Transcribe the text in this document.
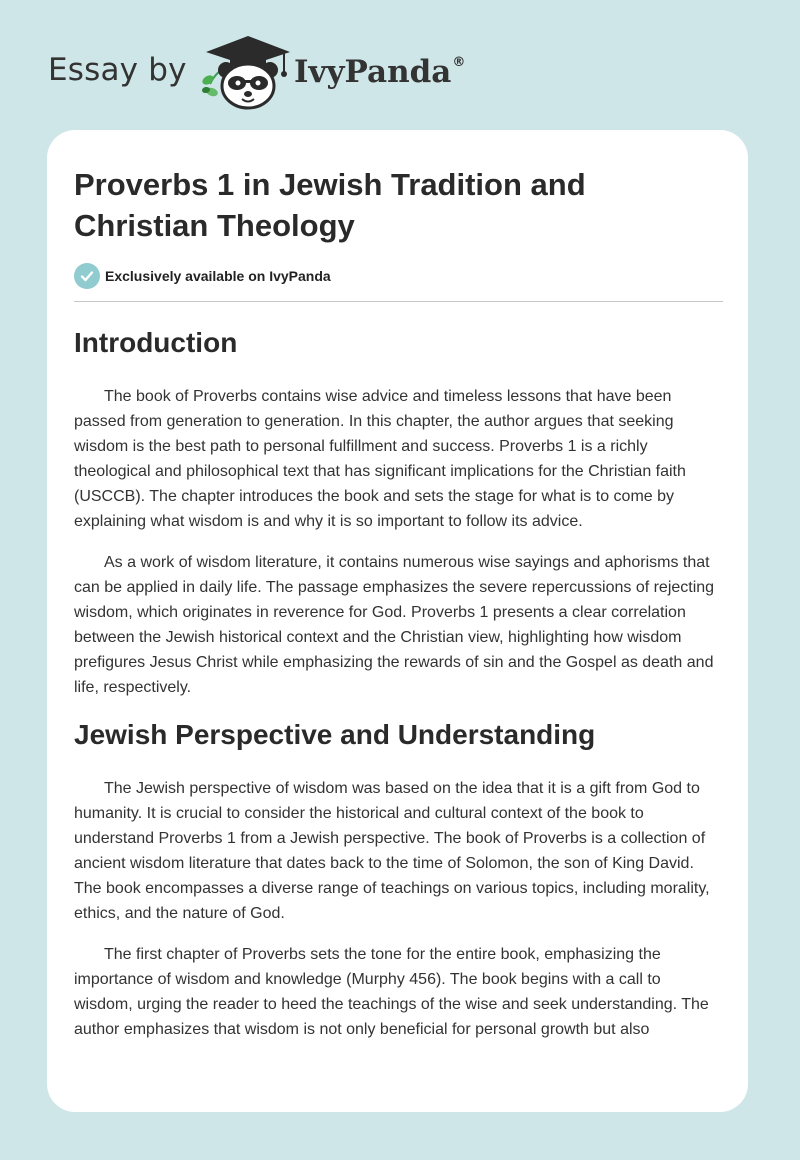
Essay by	IvyPanda®
Proverbs 1 in Jewish Tradition and Christian Theology
Exclusively available on IvyPanda
Introduction

The book of Proverbs contains wise advice and timeless lessons that have been passed from generation to generation. In this chapter, the author argues that seeking wisdom is the best path to personal fulfillment and success. Proverbs 1 is a richly theological and philosophical text that has significant implications for the Christian faith (USCCB). The chapter introduces the book and sets the stage for what is to come by explaining what wisdom is and why it is so important to follow its advice.

As a work of wisdom literature, it contains numerous wise sayings and aphorisms that can be applied in daily life. The passage emphasizes the severe repercussions of rejecting wisdom, which originates in reverence for God. Proverbs 1 presents a clear correlation between the Jewish historical context and the Christian view, highlighting how wisdom prefigures Jesus Christ while emphasizing the rewards of sin and the Gospel as death and life, respectively.

Jewish Perspective and Understanding

The Jewish perspective of wisdom was based on the idea that it is a gift from God to humanity. It is crucial to consider the historical and cultural context of the book to understand Proverbs 1 from a Jewish perspective. The book of Proverbs is a collection of ancient wisdom literature that dates back to the time of Solomon, the son of King David. The book encompasses a diverse range of teachings on various topics, including morality, ethics, and the nature of God.

The first chapter of Proverbs sets the tone for the entire book, emphasizing the importance of wisdom and knowledge (Murphy 456). The book begins with a call to wisdom, urging the reader to heed the teachings of the wise and seek understanding. The author emphasizes that wisdom is not only beneficial for personal growth but also
